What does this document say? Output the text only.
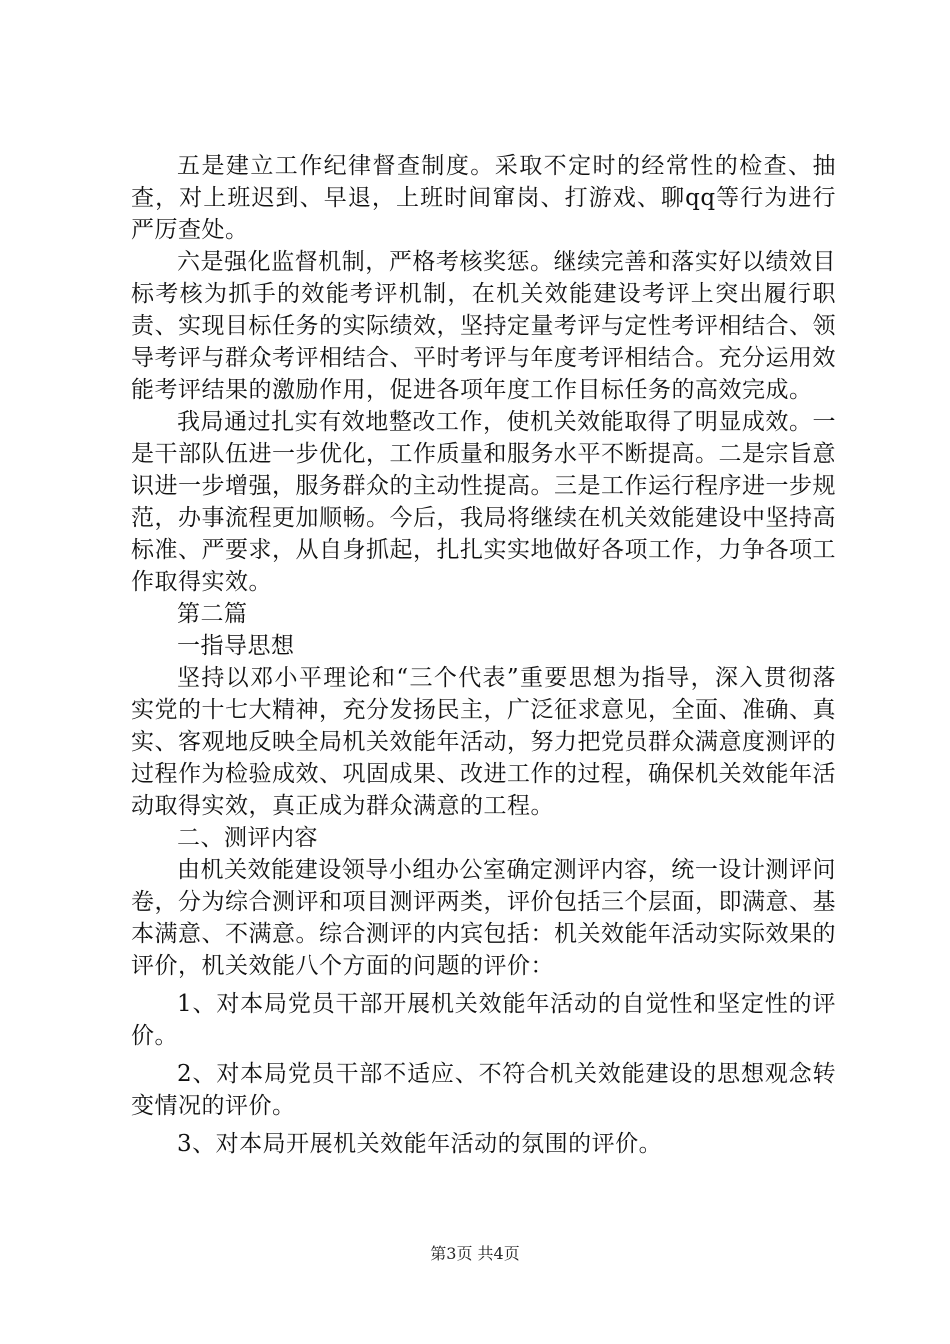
五是建立工作纪律督查制度。采取不定时的经常性的检查、抽查，对上班迟到、早退，上班时间窜岗、打游戏、聊qq等行为进行严厉查处。

六是强化监督机制，严格考核奖惩。继续完善和落实好以绩效目标考核为抓手的效能考评机制，在机关效能建设考评上突出履行职责、实现目标任务的实际绩效，坚持定量考评与定性考评相结合、领导考评与群众考评相结合、平时考评与年度考评相结合。充分运用效能考评结果的激励作用，促进各项年度工作目标任务的高效完成。

我局通过扎实有效地整改工作，使机关效能取得了明显成效。一是干部队伍进一步优化，工作质量和服务水平不断提高。二是宗旨意识进一步增强，服务群众的主动性提高。三是工作运行程序进一步规范，办事流程更加顺畅。今后，我局将继续在机关效能建设中坚持高标准、严要求，从自身抓起，扎扎实实地做好各项工作，力争各项工作取得实效。

第二篇

一指导思想

坚持以邓小平理论和“三个代表”重要思想为指导，深入贯彻落实党的十七大精神，充分发扬民主，广泛征求意见，全面、准确、真实、客观地反映全局机关效能年活动，努力把党员群众满意度测评的过程作为检验成效、巩固成果、改进工作的过程，确保机关效能年活动取得实效，真正成为群众满意的工程。

二、测评内容

由机关效能建设领导小组办公室确定测评内容，统一设计测评问卷，分为综合测评和项目测评两类，评价包括三个层面，即满意、基本满意、不满意。综合测评的内宾包括：机关效能年活动实际效果的评价，机关效能八个方面的问题的评价：

1、对本局党员干部开展机关效能年活动的自觉性和坚定性的评价。

2、对本局党员干部不适应、不符合机关效能建设的思想观念转变情况的评价。

3、对本局开展机关效能年活动的氛围的评价。

第3页 共4页
